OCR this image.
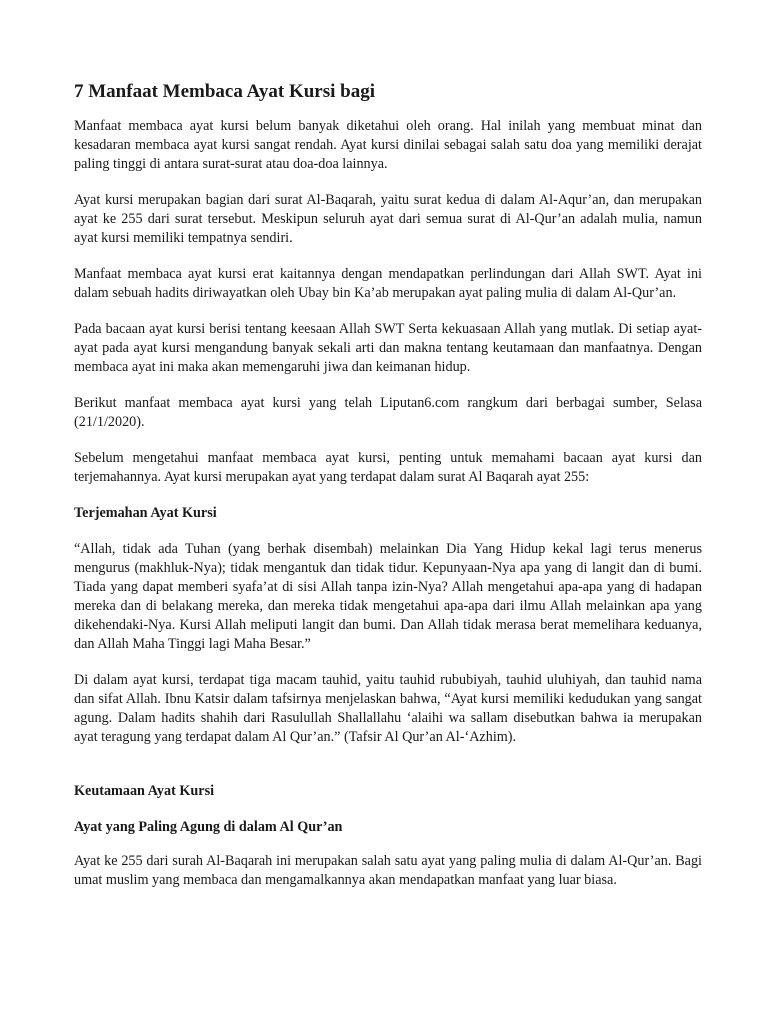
7 Manfaat Membaca Ayat Kursi bagi

Manfaat membaca ayat kursi belum banyak diketahui oleh orang. Hal inilah yang membuat minat dan kesadaran membaca ayat kursi sangat rendah. Ayat kursi dinilai sebagai salah satu doa yang memiliki derajat paling tinggi di antara surat-surat atau doa-doa lainnya.

Ayat kursi merupakan bagian dari surat Al-Baqarah, yaitu surat kedua di dalam Al-Aqur’an, dan merupakan ayat ke 255 dari surat tersebut. Meskipun seluruh ayat dari semua surat di Al-Qur’an adalah mulia, namun ayat kursi memiliki tempatnya sendiri.

Manfaat membaca ayat kursi erat kaitannya dengan mendapatkan perlindungan dari Allah SWT. Ayat ini dalam sebuah hadits diriwayatkan oleh Ubay bin Ka’ab merupakan ayat paling mulia di dalam Al-Qur’an.

Pada bacaan ayat kursi berisi tentang keesaan Allah SWT Serta kekuasaan Allah yang mutlak. Di setiap ayat-ayat pada ayat kursi mengandung banyak sekali arti dan makna tentang keutamaan dan manfaatnya. Dengan membaca ayat ini maka akan memengaruhi jiwa dan keimanan hidup.

Berikut manfaat membaca ayat kursi yang telah Liputan6.com rangkum dari berbagai sumber, Selasa (21/1/2020).

Sebelum mengetahui manfaat membaca ayat kursi, penting untuk memahami bacaan ayat kursi dan terjemahannya. Ayat kursi merupakan ayat yang terdapat dalam surat Al Baqarah ayat 255:

Terjemahan Ayat Kursi

“Allah, tidak ada Tuhan (yang berhak disembah) melainkan Dia Yang Hidup kekal lagi terus menerus mengurus (makhluk-Nya); tidak mengantuk dan tidak tidur. Kepunyaan-Nya apa yang di langit dan di bumi. Tiada yang dapat memberi syafa’at di sisi Allah tanpa izin-Nya? Allah mengetahui apa-apa yang di hadapan mereka dan di belakang mereka, dan mereka tidak mengetahui apa-apa dari ilmu Allah melainkan apa yang dikehendaki-Nya. Kursi Allah meliputi langit dan bumi. Dan Allah tidak merasa berat memelihara keduanya, dan Allah Maha Tinggi lagi Maha Besar.”

Di dalam ayat kursi, terdapat tiga macam tauhid, yaitu tauhid rububiyah, tauhid uluhiyah, dan tauhid nama dan sifat Allah. Ibnu Katsir dalam tafsirnya menjelaskan bahwa, “Ayat kursi memiliki kedudukan yang sangat agung. Dalam hadits shahih dari Rasulullah Shallallahu ‘alaihi wa sallam disebutkan bahwa ia merupakan ayat teragung yang terdapat dalam Al Qur’an.” (Tafsir Al Qur’an Al-‘Azhim).

Keutamaan Ayat Kursi
Ayat yang Paling Agung di dalam Al Qur’an

Ayat ke 255 dari surah Al-Baqarah ini merupakan salah satu ayat yang paling mulia di dalam Al-Qur’an. Bagi umat muslim yang membaca dan mengamalkannya akan mendapatkan manfaat yang luar biasa.
